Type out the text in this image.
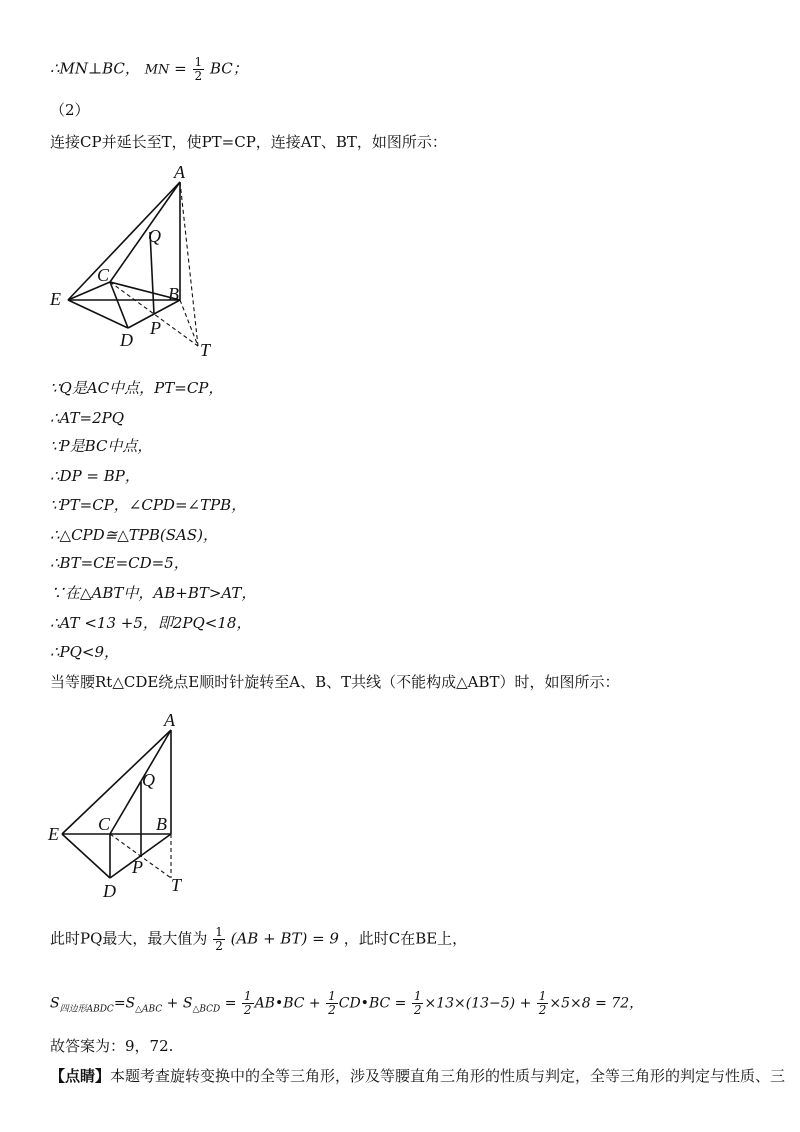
∴MN⊥BC， MN = $\frac{1}{2}$ BC；
（2）
连接CP并延长至T，使PT=CP，连接AT、BT，如图所示：
A
Q
C
E	B
P
D	T
∵Q是AC中点，PT=CP，
∴AT=2PQ
∵P是BC中点，
∴DP = BP，
∵PT=CP，∠CPD=∠TPB，
∴△CPD≅△TPB(SAS)，
∴BT=CE=CD=5，
∵在△ABT中，AB+BT>AT，
∴AT <13 +5，即2PQ<18，
∴PQ<9，
当等腰Rt△CDE绕点E顺时针旋转至A、B、T共线（不能构成△ABT）时，如图所示：
A
Q
C
E	B
P
D	T
此时PQ最大，最大值为 $\frac{1}{2} (AB + BT) = 9$ ，此时C在BE上，
$S_{四边形ABDC}=S_{\triangle ABC} + S_{\triangle BCD} = \frac{1}{2}$ AB•BC + $\frac{1}{2}$ CD•BC = $\frac{1}{2} \times 13\times(13-5) + \frac{1}{2} \times 5\times 8 = 72$，
故答案为：9，72.
【点睛】本题考查旋转变换中的全等三角形，涉及等腰直角三角形的性质与判定，全等三角形的判定与性质、三
